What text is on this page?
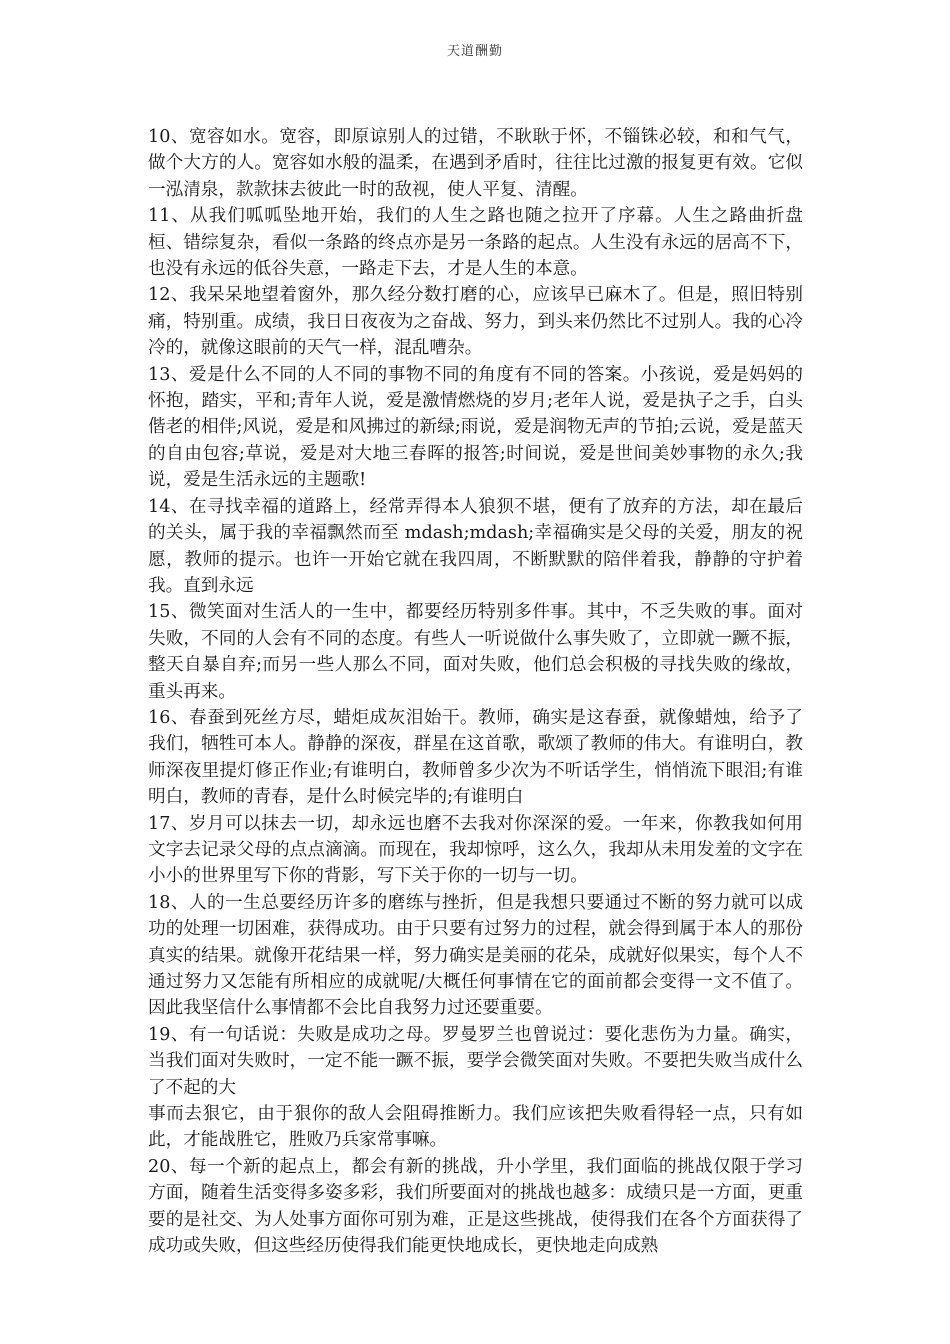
天道酬勤

10、宽容如水。宽容，即原谅别人的过错，不耿耿于怀，不锱铢必较，和和气气，做个大方的人。宽容如水般的温柔，在遇到矛盾时，往往比过激的报复更有效。它似一泓清泉，款款抹去彼此一时的敌视，使人平复、清醒。

11、从我们呱呱坠地开始，我们的人生之路也随之拉开了序幕。人生之路曲折盘桓、错综复杂，看似一条路的终点亦是另一条路的起点。人生没有永远的居高不下，也没有永远的低谷失意，一路走下去，才是人生的本意。

12、我呆呆地望着窗外，那久经分数打磨的心，应该早已麻木了。但是，照旧特别痛，特别重。成绩，我日日夜夜为之奋战、努力，到头来仍然比不过别人。我的心冷冷的，就像这眼前的天气一样，混乱嘈杂。

13、爱是什么不同的人不同的事物不同的角度有不同的答案。小孩说，爱是妈妈的怀抱，踏实，平和;青年人说，爱是激情燃烧的岁月;老年人说，爱是执子之手，白头偕老的相伴;风说，爱是和风拂过的新绿;雨说，爱是润物无声的节拍;云说，爱是蓝天的自由包容;草说，爱是对大地三春晖的报答;时间说，爱是世间美妙事物的永久;我说，爱是生活永远的主题歌!

14、在寻找幸福的道路上，经常弄得本人狼狈不堪，便有了放弃的方法，却在最后的关头，属于我的幸福飘然而至 mdash;mdash;幸福确实是父母的关爱，朋友的祝愿，教师的提示。也许一开始它就在我四周，不断默默的陪伴着我，静静的守护着我。直到永远

15、微笑面对生活人的一生中，都要经历特别多件事。其中，不乏失败的事。面对失败，不同的人会有不同的态度。有些人一听说做什么事失败了，立即就一蹶不振，整天自暴自弃;而另一些人那么不同，面对失败，他们总会积极的寻找失败的缘故，重头再来。

16、春蚕到死丝方尽，蜡炬成灰泪始干。教师，确实是这春蚕，就像蜡烛，给予了我们，牺牲可本人。静静的深夜，群星在这首歌，歌颂了教师的伟大。有谁明白，教师深夜里提灯修正作业;有谁明白，教师曾多少次为不听话学生，悄悄流下眼泪;有谁明白，教师的青春，是什么时候完毕的;有谁明白

17、岁月可以抹去一切，却永远也磨不去我对你深深的爱。一年来，你教我如何用文字去记录父母的点点滴滴。而现在，我却惊呼，这么久，我却从未用发羞的文字在小小的世界里写下你的背影，写下关于你的一切与一切。

18、人的一生总要经历许多的磨练与挫折，但是我想只要通过不断的努力就可以成功的处理一切困难，获得成功。由于只要有过努力的过程，就会得到属于本人的那份真实的结果。就像开花结果一样，努力确实是美丽的花朵，成就好似果实，每个人不通过努力又怎能有所相应的成就呢/大概任何事情在它的面前都会变得一文不值了。因此我坚信什么事情都不会比自我努力过还要重要。

19、有一句话说：失败是成功之母。罗曼罗兰也曾说过：要化悲伤为力量。确实，当我们面对失败时，一定不能一蹶不振，要学会微笑面对失败。不要把失败当成什么了不起的大

事而去狠它，由于狠你的敌人会阻碍推断力。我们应该把失败看得轻一点，只有如此，才能战胜它，胜败乃兵家常事嘛。

20、每一个新的起点上，都会有新的挑战，升小学里，我们面临的挑战仅限于学习方面，随着生活变得多姿多彩，我们所要面对的挑战也越多：成绩只是一方面，更重要的是社交、为人处事方面你可别为难，正是这些挑战，使得我们在各个方面获得了成功或失败，但这些经历使得我们能更快地成长，更快地走向成熟
